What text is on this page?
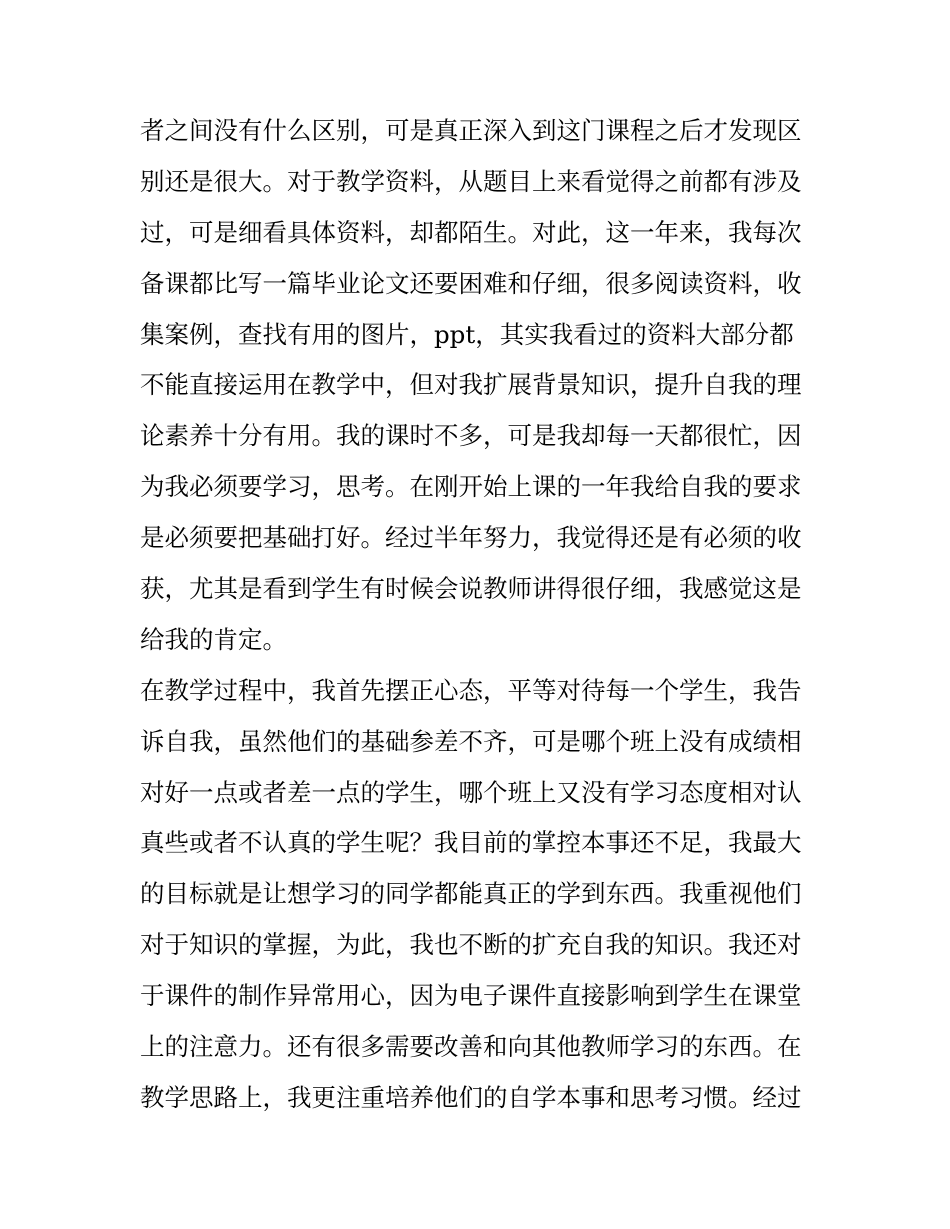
者之间没有什么区别，可是真正深入到这门课程之后才发现区
别还是很大。对于教学资料，从题目上来看觉得之前都有涉及
过，可是细看具体资料，却都陌生。对此，这一年来，我每次
备课都比写一篇毕业论文还要困难和仔细，很多阅读资料，收
集案例，查找有用的图片，ppt，其实我看过的资料大部分都
不能直接运用在教学中，但对我扩展背景知识，提升自我的理
论素养十分有用。我的课时不多，可是我却每一天都很忙，因
为我必须要学习，思考。在刚开始上课的一年我给自我的要求
是必须要把基础打好。经过半年努力，我觉得还是有必须的收
获，尤其是看到学生有时候会说教师讲得很仔细，我感觉这是
给我的肯定。
在教学过程中，我首先摆正心态，平等对待每一个学生，我告
诉自我，虽然他们的基础参差不齐，可是哪个班上没有成绩相
对好一点或者差一点的学生，哪个班上又没有学习态度相对认
真些或者不认真的学生呢？我目前的掌控本事还不足，我最大
的目标就是让想学习的同学都能真正的学到东西。我重视他们
对于知识的掌握，为此，我也不断的扩充自我的知识。我还对
于课件的制作异常用心，因为电子课件直接影响到学生在课堂
上的注意力。还有很多需要改善和向其他教师学习的东西。在
教学思路上，我更注重培养他们的自学本事和思考习惯。经过
